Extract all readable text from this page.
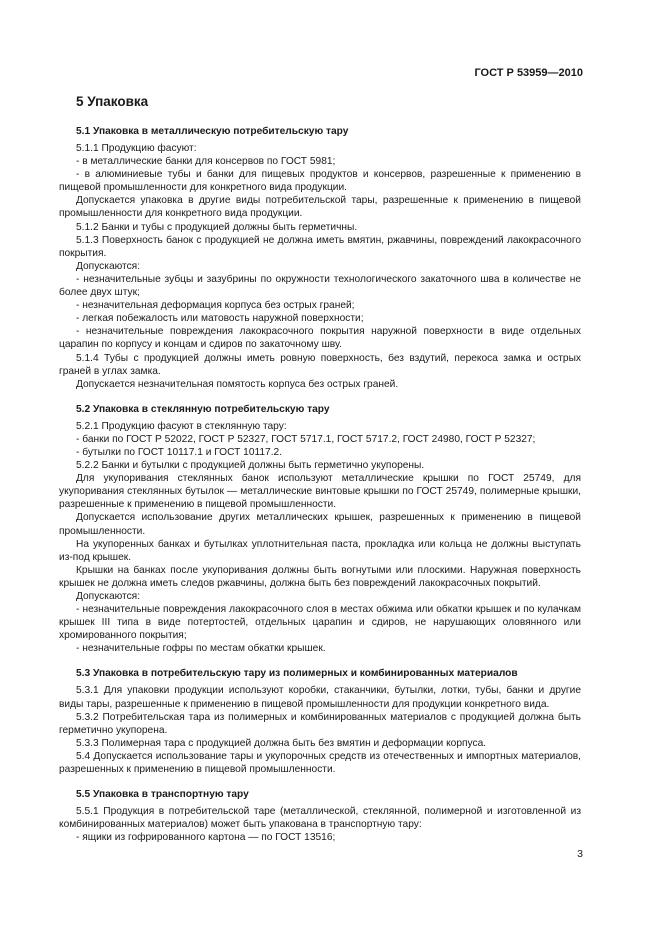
ГОСТ Р 53959—2010
5 Упаковка
5.1 Упаковка в металлическую потребительскую тару

5.1.1 Продукцию фасуют:

- в металлические банки для консервов по ГОСТ 5981;

- в алюминиевые тубы и банки для пищевых продуктов и консервов, разрешенные к применению в пищевой промышленности для конкретного вида продукции.

Допускается упаковка в другие виды потребительской тары, разрешенные к применению в пищевой промышленности для конкретного вида продукции.

5.1.2 Банки и тубы с продукцией должны быть герметичны.

5.1.3 Поверхность банок с продукцией не должна иметь вмятин, ржавчины, повреждений лакокрасочного покрытия.

Допускаются:

- незначительные зубцы и зазубрины по окружности технологического закаточного шва в количестве не более двух штук;

- незначительная деформация корпуса без острых граней;

- легкая побежалость или матовость наружной поверхности;

- незначительные повреждения лакокрасочного покрытия наружной поверхности в виде отдельных царапин по корпусу и концам и сдиров по закаточному шву.

5.1.4 Тубы с продукцией должны иметь ровную поверхность, без вздутий, перекоса замка и острых граней в углах замка.

Допускается незначительная помятость корпуса без острых граней.

5.2 Упаковка в стеклянную потребительскую тару

5.2.1 Продукцию фасуют в стеклянную тару:

- банки по ГОСТ Р 52022, ГОСТ Р 52327, ГОСТ 5717.1, ГОСТ 5717.2, ГОСТ 24980, ГОСТ Р 52327;

- бутылки по ГОСТ 10117.1 и ГОСТ 10117.2.

5.2.2 Банки и бутылки с продукцией должны быть герметично укупорены.

Для укупоривания стеклянных банок используют металлические крышки по ГОСТ 25749, для укупоривания стеклянных бутылок — металлические винтовые крышки по ГОСТ 25749, полимерные крышки, разрешенные к применению в пищевой промышленности.

Допускается использование других металлических крышек, разрешенных к применению в пищевой промышленности.

На укупоренных банках и бутылках уплотнительная паста, прокладка или кольца не должны выступать из-под крышек.

Крышки на банках после укупоривания должны быть вогнутыми или плоскими. Наружная поверхность крышек не должна иметь следов ржавчины, должна быть без повреждений лакокрасочных покрытий.

Допускаются:

- незначительные повреждения лакокрасочного слоя в местах обжима или обкатки крышек и по кулачкам крышек III типа в виде потертостей, отдельных царапин и сдиров, не нарушающих оловянного или хромированного покрытия;

- незначительные гофры по местам обкатки крышек.

5.3 Упаковка в потребительскую тару из полимерных и комбинированных материалов

5.3.1 Для упаковки продукции используют коробки, стаканчики, бутылки, лотки, тубы, банки и другие виды тары, разрешенные к применению в пищевой промышленности для продукции конкретного вида.

5.3.2 Потребительская тара из полимерных и комбинированных материалов с продукцией должна быть герметично укупорена.

5.3.3 Полимерная тара с продукцией должна быть без вмятин и деформации корпуса.

5.4 Допускается использование тары и укупорочных средств из отечественных и импортных материалов, разрешенных к применению в пищевой промышленности.

5.5 Упаковка в транспортную тару

5.5.1 Продукция в потребительской таре (металлической, стеклянной, полимерной и изготовленной из комбинированных материалов) может быть упакована в транспортную тару:

- ящики из гофрированного картона — по ГОСТ 13516;

3
